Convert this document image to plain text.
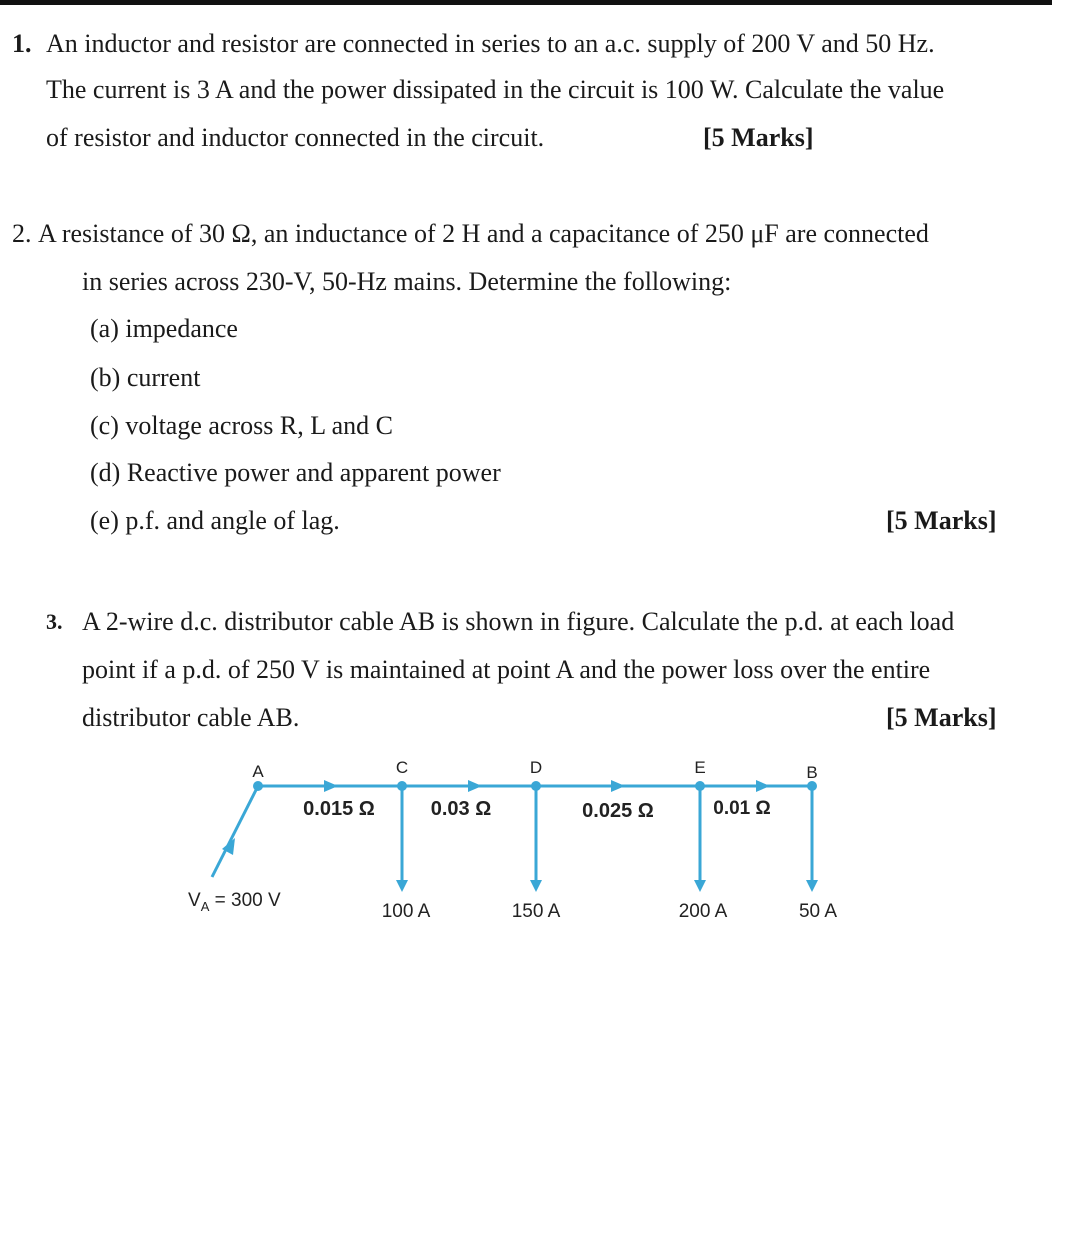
1. An inductor and resistor are connected in series to an a.c. supply of 200 V and 50 Hz.
The current is 3 A and the power dissipated in the circuit is 100 W. Calculate the value
of resistor and inductor connected in the circuit.	[5 Marks]
2. A resistance of 30 Ω, an inductance of 2 H and a capacitance of 250 μF are connected
in series across 230-V, 50-Hz mains. Determine the following:
(a) impedance
(b) current
(c) voltage across R, L and C
(d) Reactive power and apparent power
(e) p.f. and angle of lag.	[5 Marks]
3. A 2-wire d.c. distributor cable AB is shown in figure. Calculate the p.d. at each load
point if a p.d. of 250 V is maintained at point A and the power loss over the entire
distributor cable AB.	[5 Marks]
A	C	D	E	B
0.015 Ω	0.03 Ω	0.025 Ω	0.01 Ω
100 A	150 A	200 A	50 A
$V_A = 300$ V
